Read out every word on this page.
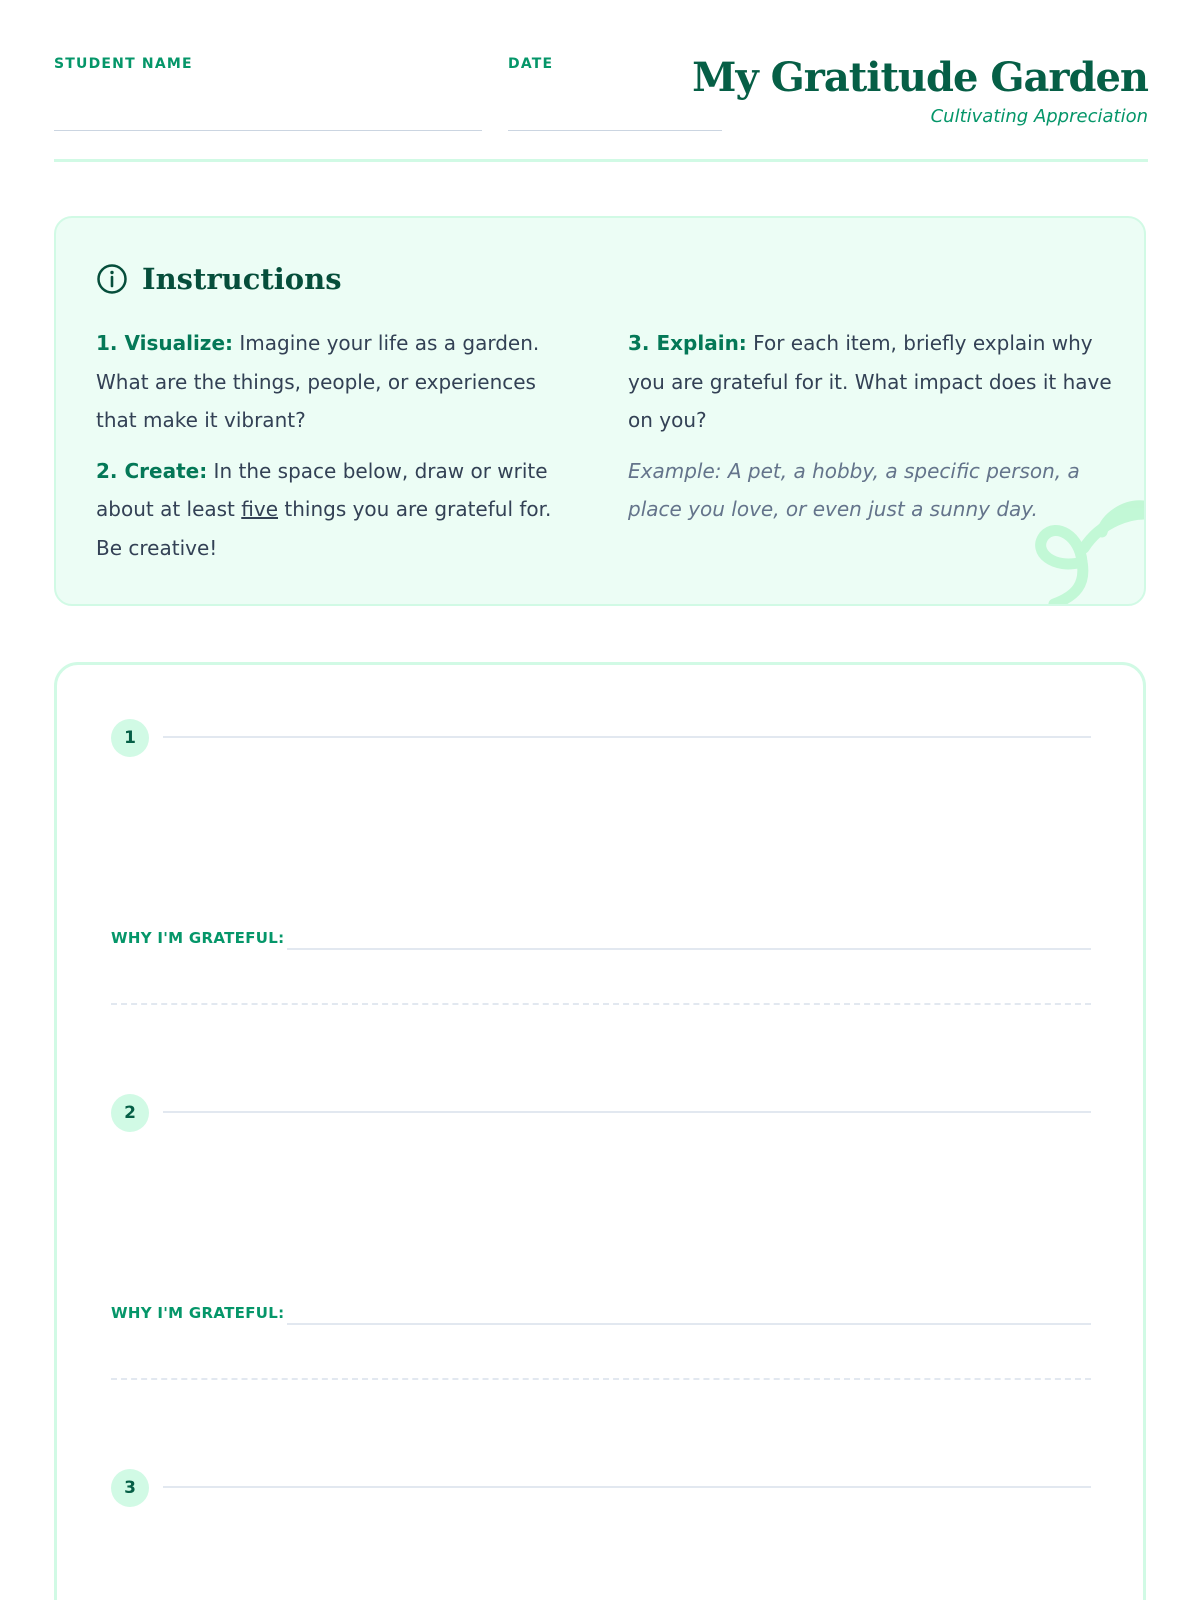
STUDENT NAME	DATE	My Gratitude Garden
Cultivating Appreciation
Instructions

1. Visualize: Imagine your life as a garden. What are the things, people, or experiences that make it vibrant?

2. Create: In the space below, draw or write about at least five things you are grateful for. Be creative!

3. Explain: For each item, briefly explain why you are grateful for it. What impact does it have on you?

Example: A pet, a hobby, a specific person, a place you love, or even just a sunny day.

1
WHY I'M GRATEFUL:
2
WHY I'M GRATEFUL:
3
